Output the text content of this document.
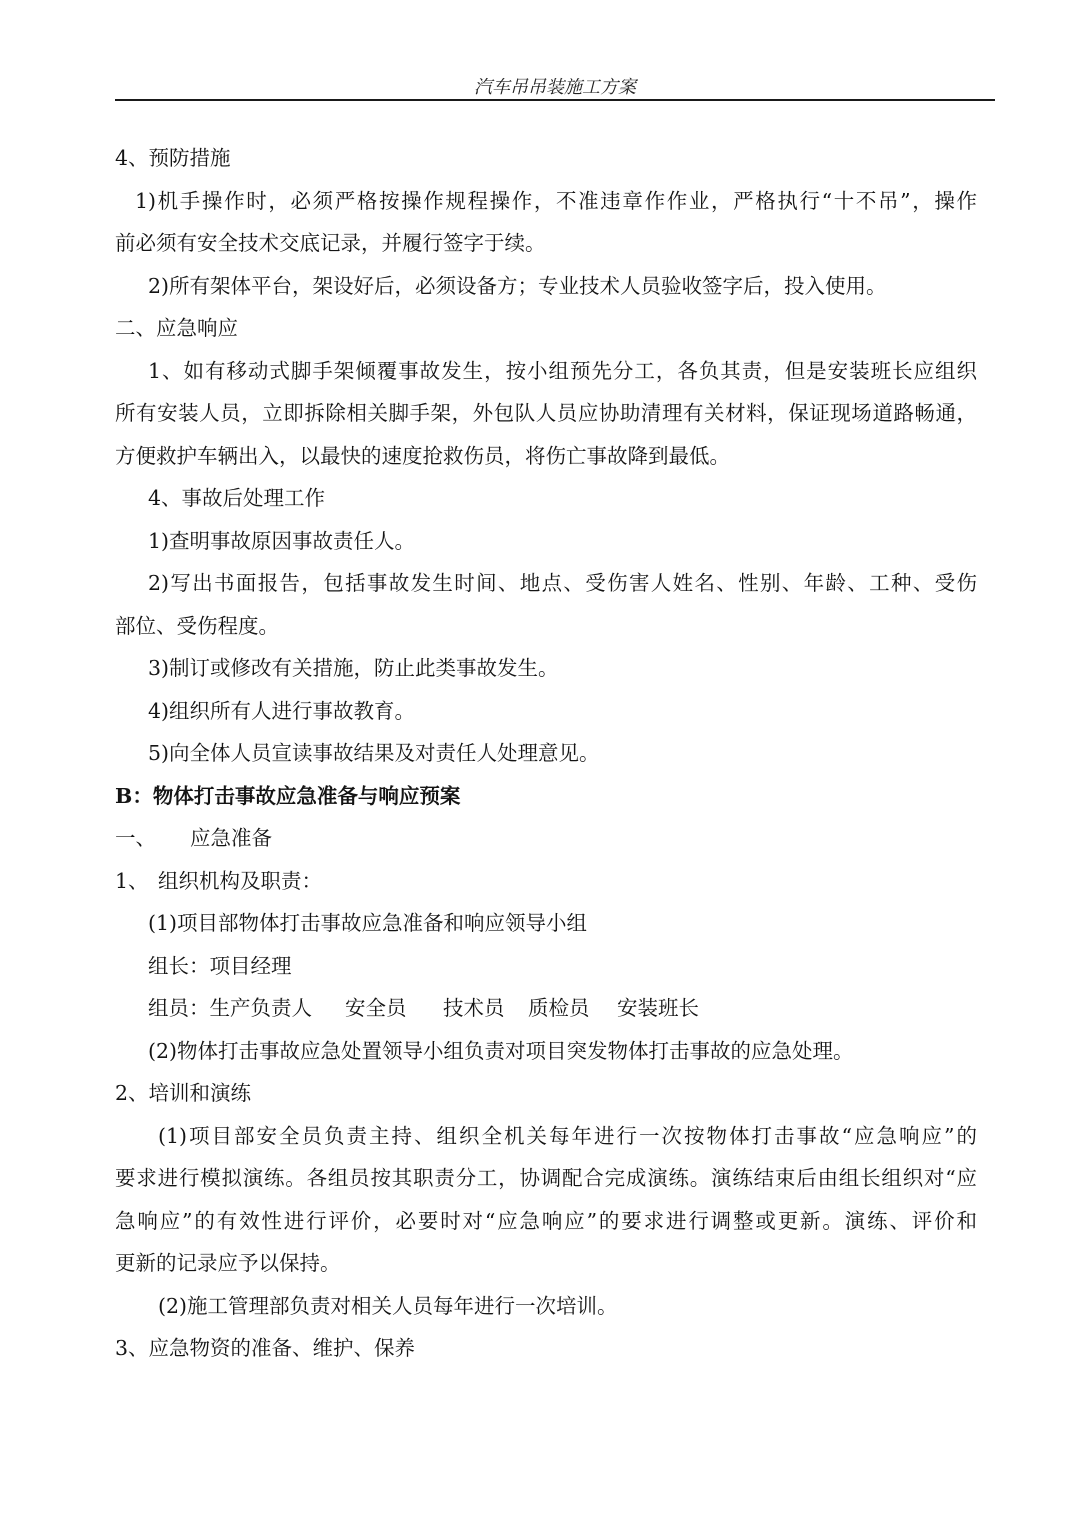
汽车吊吊装施工方案
4、预防措施
1)机手操作时，必须严格按操作规程操作，不准违章作作业，严格执行“十不吊”，操作
前必须有安全技术交底记录，并履行签字于续。
2)所有架体平台，架设好后，必须设备方；专业技术人员验收签字后，投入使用。
二、应急响应
1、如有移动式脚手架倾覆事故发生，按小组预先分工，各负其责，但是安装班长应组织
所有安装人员，立即拆除相关脚手架，外包队人员应协助清理有关材料，保证现场道路畅通，
方便救护车辆出入，以最快的速度抢救伤员，将伤亡事故降到最低。
4、事故后处理工作
1)查明事故原因事故责任人。
2)写出书面报告，包括事故发生时间、地点、受伤害人姓名、性别、年龄、工种、受伤
部位、受伤程度。
3)制订或修改有关措施，防止此类事故发生。
4)组织所有人进行事故教育。
5)向全体人员宣读事故结果及对责任人处理意见。
B：物体打击事故应急准备与响应预案
一、 应急准备
1、 组织机构及职责：
(1)项目部物体打击事故应急准备和响应领导小组
组长：项目经理
组员：生产负责人 安全员 技术员 质检员 安装班长
(2)物体打击事故应急处置领导小组负责对项目突发物体打击事故的应急处理。
2、培训和演练
(1)项目部安全员负责主持、组织全机关每年进行一次按物体打击事故“应急响应”的
要求进行模拟演练。各组员按其职责分工，协调配合完成演练。演练结束后由组长组织对“应
急响应”的有效性进行评价，必要时对“应急响应”的要求进行调整或更新。演练、评价和
更新的记录应予以保持。
(2)施工管理部负责对相关人员每年进行一次培训。
3、应急物资的准备、维护、保养
